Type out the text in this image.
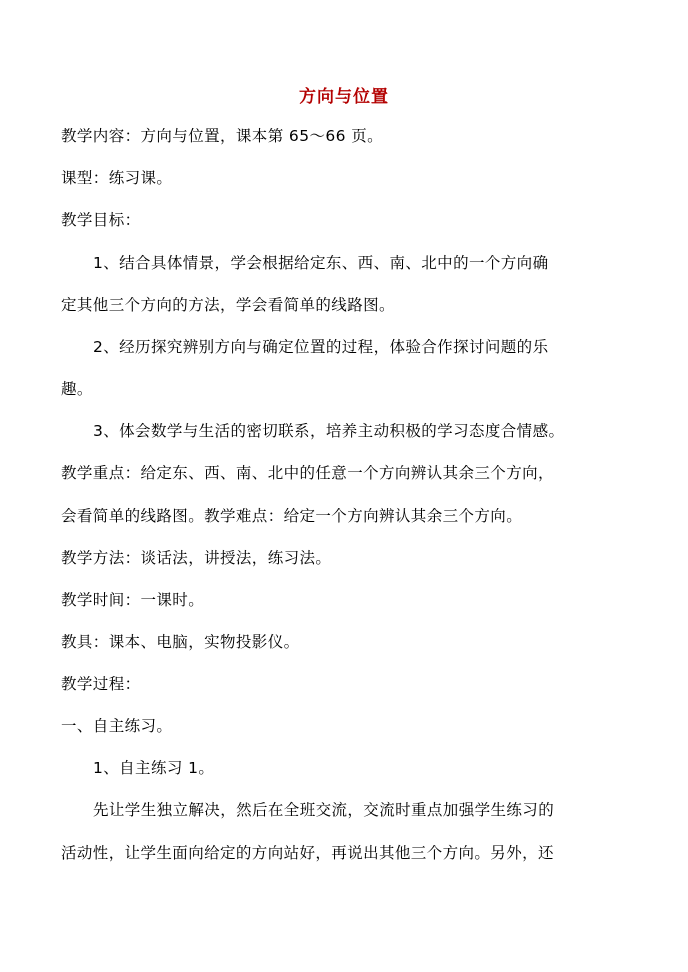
方向与位置
教学内容：方向与位置，课本第 65～66 页。
课型：练习课。
教学目标：
1、结合具体情景，学会根据给定东、西、南、北中的一个方向确
定其他三个方向的方法，学会看简单的线路图。
2、经历探究辨别方向与确定位置的过程，体验合作探讨问题的乐
趣。
3、体会数学与生活的密切联系，培养主动积极的学习态度合情感。
教学重点：给定东、西、南、北中的任意一个方向辨认其余三个方向，
会看简单的线路图。教学难点：给定一个方向辨认其余三个方向。
教学方法：谈话法，讲授法，练习法。
教学时间：一课时。
教具：课本、电脑，实物投影仪。
教学过程：
一、自主练习。
1、自主练习 1。
先让学生独立解决，然后在全班交流，交流时重点加强学生练习的
活动性，让学生面向给定的方向站好，再说出其他三个方向。另外，还
